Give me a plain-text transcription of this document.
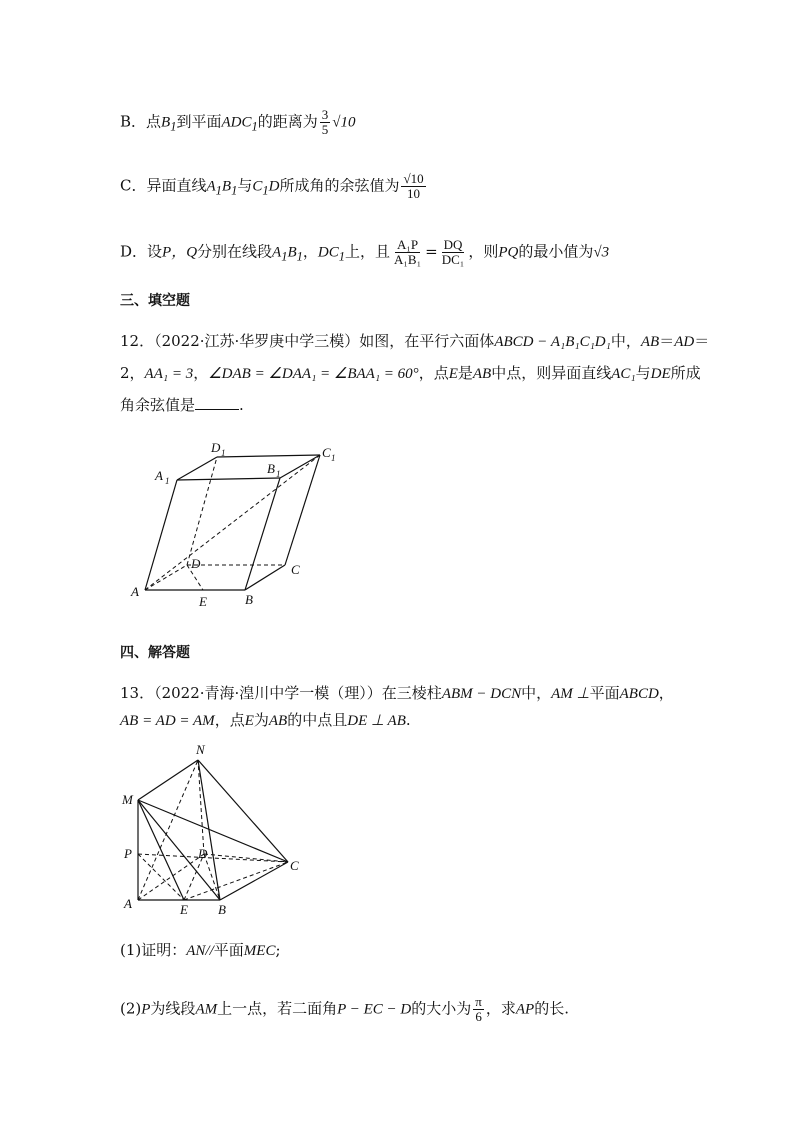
B．点$B_1$到平面$ADC_1$的距离为 $\frac{3}{5} √10$
C．异面直线$A_1B_1$与$C_1D$所成角的余弦值为 $\frac{√10}{10}$
D．设P，Q分别在线段$A_1B_1$，$DC_1$上，且 $\frac{\text{A₁P}}{\text{A₁B₁}} = \frac{DQ}{\text{DC₁}}$ ，则PQ的最小值为√3
三、填空题
12．（2022·江苏·华罗庚中学三模）如图，在平行六面体ABCD − A₁B₁C₁D₁中，AB＝AD＝
2，AA₁ = 3，∠DAB = ∠DAA₁ = ∠BAA₁ = 60°，点E是AB中点，则异面直线AC₁与DE所成
角余弦值是	.
A 1
D 1
B 1
C 1
D	C
A
E	B
四、解答题
13．（2022·青海·湟川中学一模（理））在三棱柱ABM − DCN中，AM ⊥平面ABCD，
AB = AD = AM，点E为AB的中点且DE ⊥ AB.
N
M
P	D
C
A	E B
(1)证明：AN//平面MEC;
(2)P为线段AM上一点，若二面角P − EC − D的大小为 $\frac{\pi}{6}$ ，求AP的长.
